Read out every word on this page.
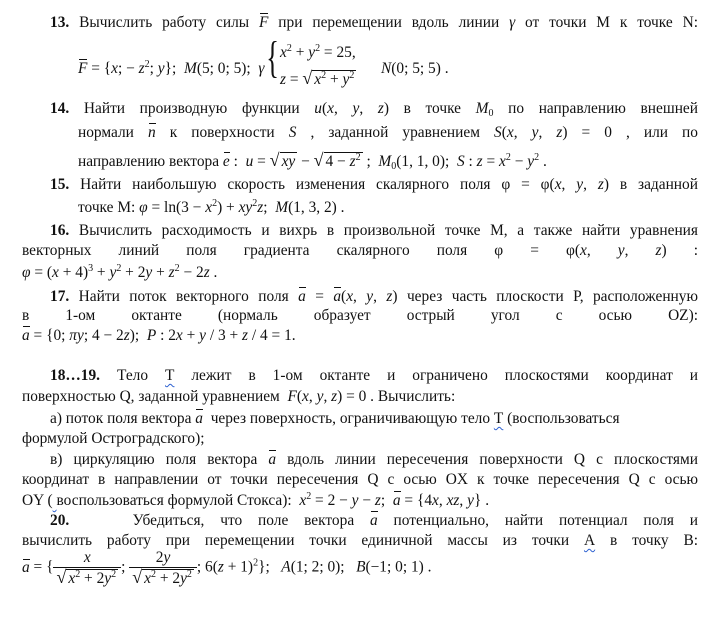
13. Вычислить работу силы F при перемещении вдоль линии γ от точки М к точке N:
F = {x; − $z^2$; y};  M(5; 0; 5);  γ { $x^2 + y^2 = 25$,
z = √ $x^2 + y^2$ N(0; 5; 5) .
14. Найти производную функции u(x, y, z) в точке $M_0$ по направлению внешней
нормали n к поверхности S , заданной уравнением S(x, y, z) = 0 , или по
направлению вектора e :  u = √ xy − √ $4 - z^2$ ;  $M_0(1$, 1, 0);  S : $z = x^2 - y^2$ .
15. Найти наибольшую скорость изменения скалярного поля φ = φ(x, y, z) в заданной
точке М: $\varphi = \ln(3 - x^2) + xy^2z$;  M(1, 3, 2) .
16. Вычислить расходимость и вихрь в произвольной точке М, а также найти уравнения
векторных линий поля градиента скалярного поля φ = φ(x, y, z) :
$\varphi = (x + 4)^3 + y^2 + 2y + z^2 - 2z$ .
17. Найти поток векторного поля a = a(x, y, z) через часть плоскости Р, расположенную
в 1-ом октанте (нормаль образует острый угол с осью OZ):
a = {0; πy; 4 − 2z);  P : 2x + y / 3 + z / 4 = 1.
18…19. Тело Т лежит в 1-ом октанте и ограничено плоскостями координат и
поверхностью Q, заданной уравнением  F(x, y, z) = 0 . Вычислить:
а) поток поля вектора a  через поверхность, ограничивающую тело Т (воспользоваться
формулой Остроградского);
в) циркуляцию поля вектора a вдоль линии пересечения поверхности Q с плоскостями
координат в направлении от точки пересечения Q с осью OX к точке пересечения Q с осью
OY ( воспользоваться формулой Стокса):  $x^2 = 2 - y - z$;  a = {4x, xz, y} .
20.    Убедиться, что поле вектора a потенциально, найти потенциал поля и
вычислить работу при перемещении точки единичной массы из точки А в точку В:
a = { $\frac{x}{√ x^2 + 2y^2}$ ; $\frac{2y}{√ x^2 + 2y^2}$ ; $6(z + 1)^2$};   A(1; 2; 0);   B(−1; 0; 1) .
